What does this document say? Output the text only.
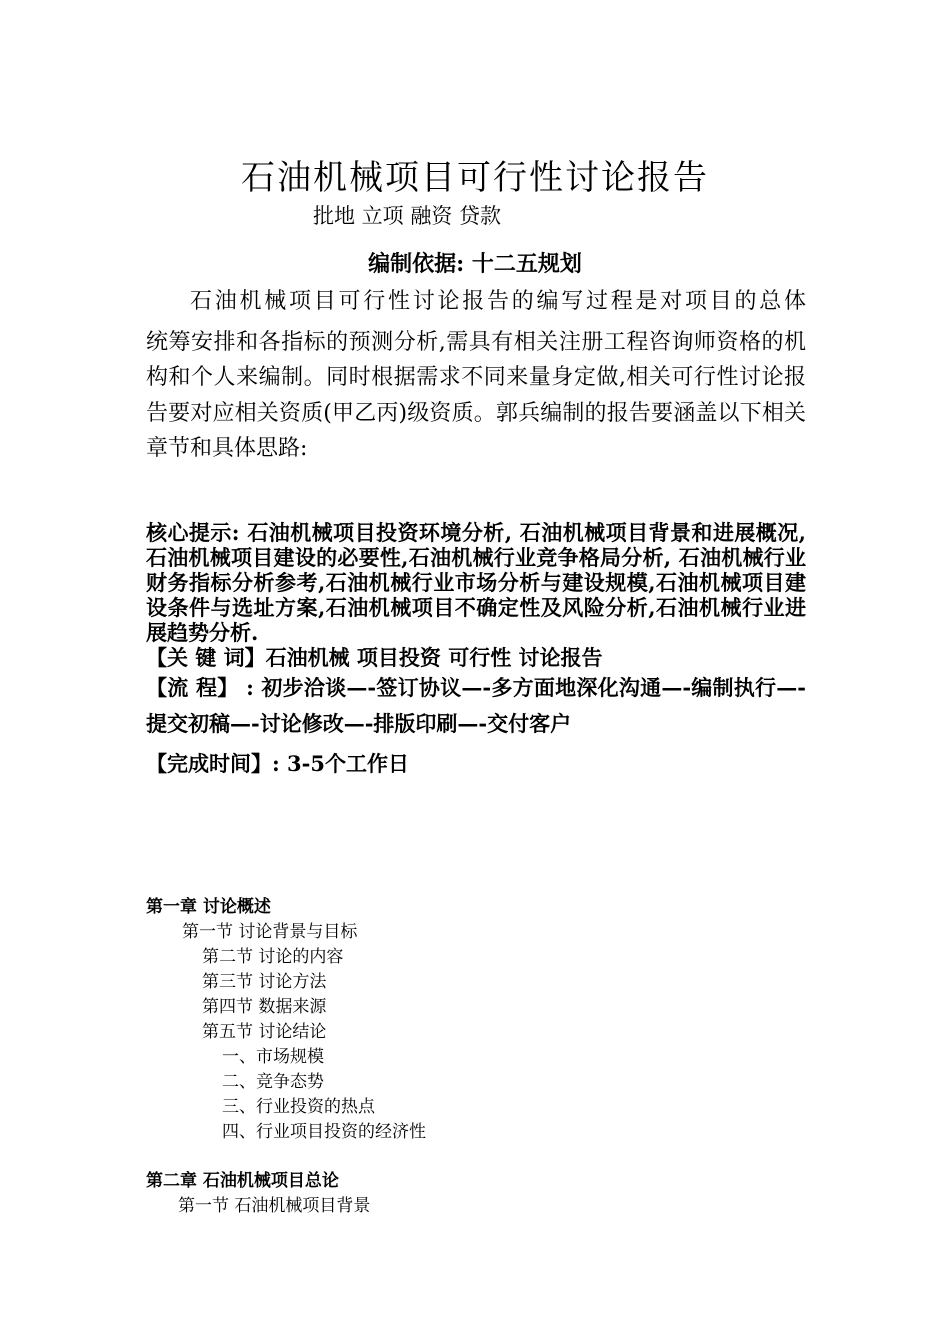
石油机械项目可行性讨论报告
批地 立项 融资 贷款
编制依据: 十二五规划

石油机械项目可行性讨论报告的编写过程是对项目的总体

统筹安排和各指标的预测分析,需具有相关注册工程咨询师资格的机构和个人来编制。同时根据需求不同来量身定做,相关可行性讨论报告要对应相关资质(甲乙丙)级资质。郭兵编制的报告要涵盖以下相关章节和具体思路:

核心提示: 石油机械项目投资环境分析, 石油机械项目背景和进展概况,石油机械项目建设的必要性,石油机械行业竞争格局分析, 石油机械行业财务指标分析参考,石油机械行业市场分析与建设规模,石油机械项目建设条件与选址方案,石油机械项目不确定性及风险分析,石油机械行业进展趋势分析.

【关 键 词】石油机械 项目投资 可行性 讨论报告

【流 程】 : 初步洽谈—-签订协议—-多方面地深化沟通—-编制执行—-提交初稿—-讨论修改—-排版印刷—-交付客户

【完成时间】: 3-5个工作日

第一章 讨论概述
第一节 讨论背景与目标
第二节 讨论的内容
第三节 讨论方法
第四节 数据来源
第五节 讨论结论
一、市场规模
二、竞争态势
三、行业投资的热点
四、行业项目投资的经济性
第二章 石油机械项目总论
第一节 石油机械项目背景
